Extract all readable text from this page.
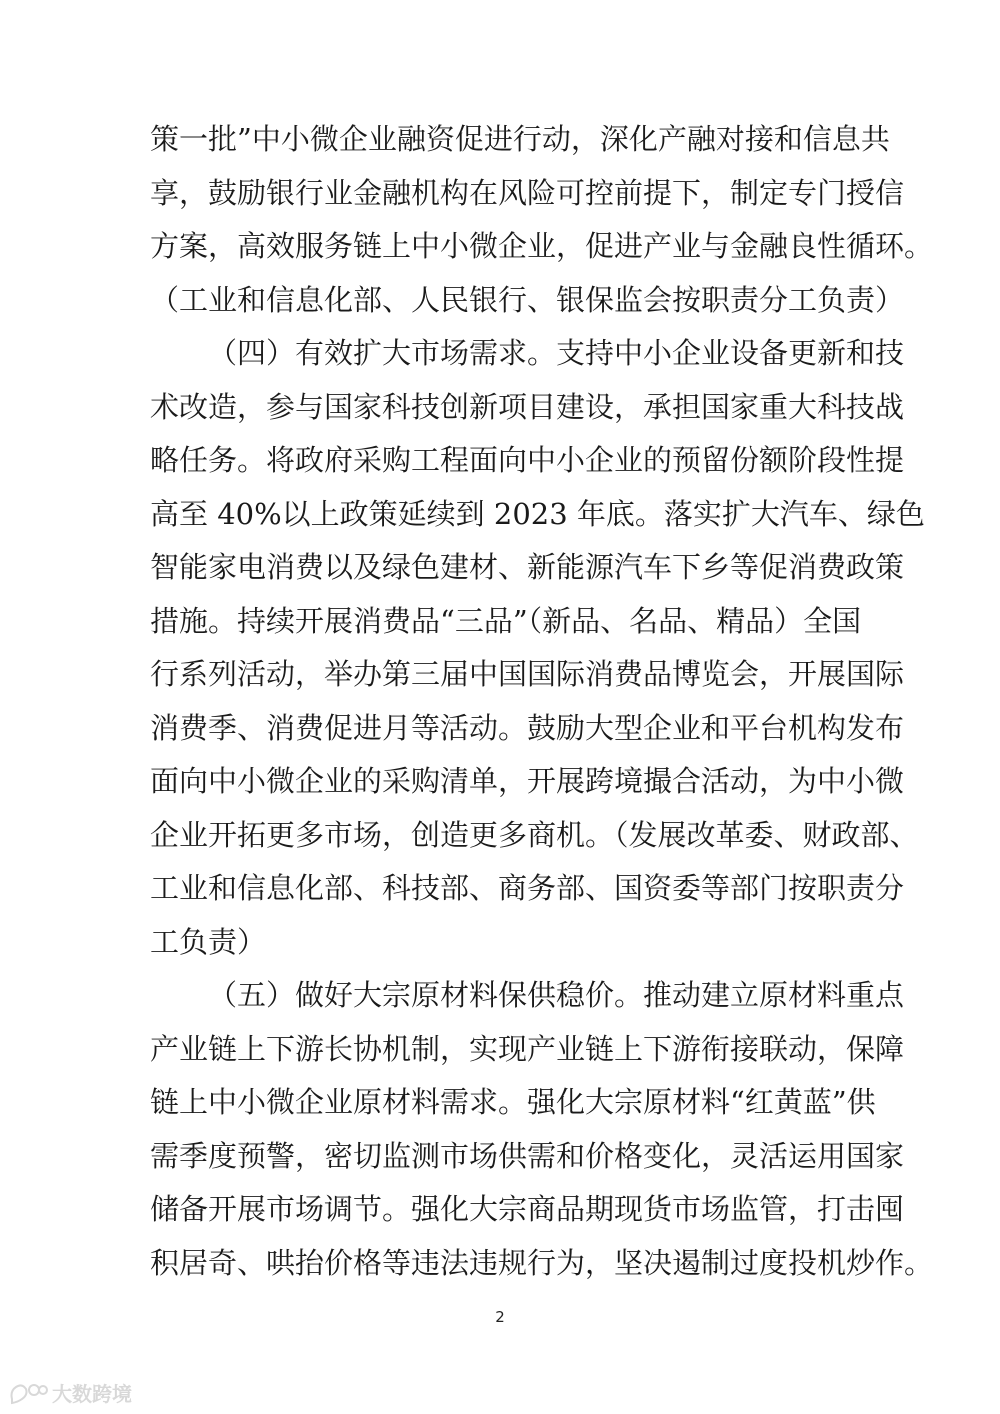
策一批”中小微企业融资促进行动，深化产融对接和信息共
享，鼓励银行业金融机构在风险可控前提下，制定专门授信
方案，高效服务链上中小微企业，促进产业与金融良性循环。
（工业和信息化部、人民银行、银保监会按职责分工负责）
（四）有效扩大市场需求。支持中小企业设备更新和技
术改造，参与国家科技创新项目建设，承担国家重大科技战
略任务。将政府采购工程面向中小企业的预留份额阶段性提
高至 40%以上政策延续到 2023 年底。落实扩大汽车、绿色
智能家电消费以及绿色建材、新能源汽车下乡等促消费政策
措施。持续开展消费品“三品”（新品、名品、精品）全国
行系列活动，举办第三届中国国际消费品博览会，开展国际
消费季、消费促进月等活动。鼓励大型企业和平台机构发布
面向中小微企业的采购清单，开展跨境撮合活动，为中小微
企业开拓更多市场，创造更多商机。（发展改革委、财政部、
工业和信息化部、科技部、商务部、国资委等部门按职责分
工负责）
（五）做好大宗原材料保供稳价。推动建立原材料重点
产业链上下游长协机制，实现产业链上下游衔接联动，保障
链上中小微企业原材料需求。强化大宗原材料“红黄蓝”供
需季度预警，密切监测市场供需和价格变化，灵活运用国家
储备开展市场调节。强化大宗商品期现货市场监管，打击囤
积居奇、哄抬价格等违法违规行为，坚决遏制过度投机炒作。
2
大数跨境
